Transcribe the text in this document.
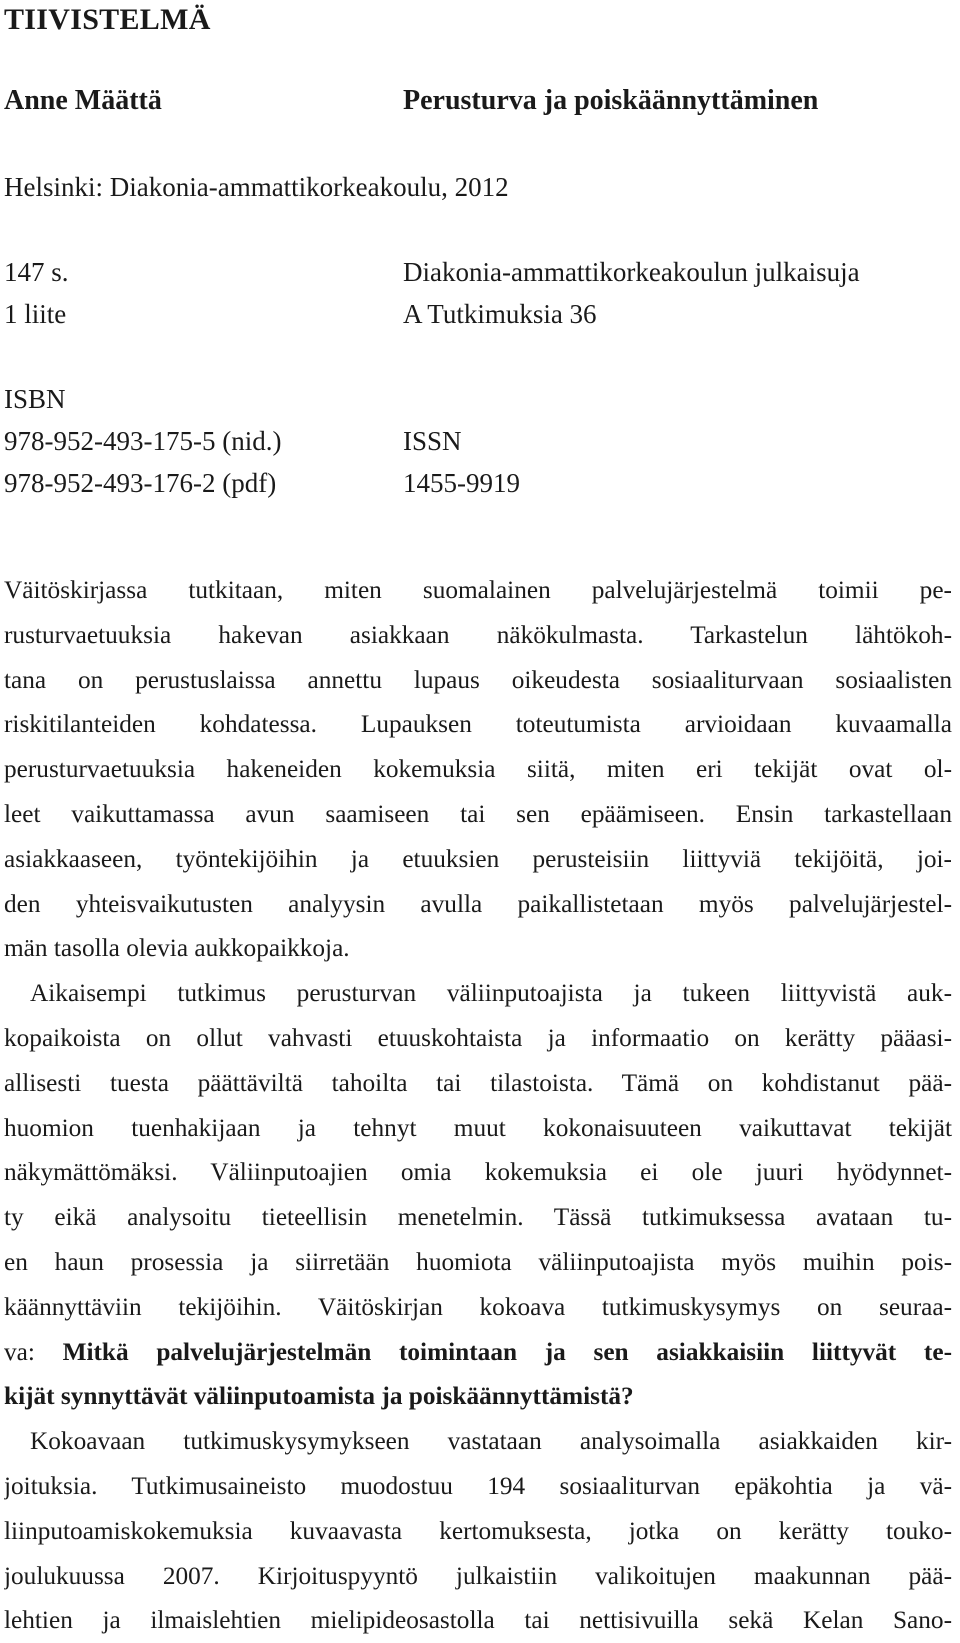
TIIVISTELMÄ
Anne Määttä	Perusturva ja poiskäännyttäminen
Helsinki: Diakonia-ammattikorkeakoulu, 2012
147 s.	Diakonia-ammattikorkeakoulun julkaisuja
1 liite	A Tutkimuksia 36
ISBN
978-952-493-175-5 (nid.)	ISSN
978-952-493-176-2 (pdf)	1455-9919
Väitöskirjassa tutkitaan, miten suomalainen palvelujärjestelmä toimii pe-
rusturvaetuuksia hakevan asiakkaan näkökulmasta. Tarkastelun lähtökoh-
tana on perustuslaissa annettu lupaus oikeudesta sosiaaliturvaan sosiaalisten
riskitilanteiden kohdatessa. Lupauksen toteutumista arvioidaan kuvaamalla
perusturvaetuuksia hakeneiden kokemuksia siitä, miten eri tekijät ovat ol-
leet vaikuttamassa avun saamiseen tai sen epäämiseen. Ensin tarkastellaan
asiakkaaseen, työntekijöihin ja etuuksien perusteisiin liittyviä tekijöitä, joi-
den yhteisvaikutusten analyysin avulla paikallistetaan myös palvelujärjestel-
män tasolla olevia aukkopaikkoja.
Aikaisempi tutkimus perusturvan väliinputoajista ja tukeen liittyvistä auk-
kopaikoista on ollut vahvasti etuuskohtaista ja informaatio on kerätty pääasi-
allisesti tuesta päättäviltä tahoilta tai tilastoista. Tämä on kohdistanut pää-
huomion tuenhakijaan ja tehnyt muut kokonaisuuteen vaikuttavat tekijät
näkymättömäksi. Väliinputoajien omia kokemuksia ei ole juuri hyödynnet-
ty eikä analysoitu tieteellisin menetelmin. Tässä tutkimuksessa avataan tu-
en haun prosessia ja siirretään huomiota väliinputoajista myös muihin pois-
käännyttäviin tekijöihin. Väitöskirjan kokoava tutkimuskysymys on seuraa-
va: Mitkä palvelujärjestelmän toimintaan ja sen asiakkaisiin liittyvät te-
kijät synnyttävät väliinputoamista ja poiskäännyttämistä?
Kokoavaan tutkimuskysymykseen vastataan analysoimalla asiakkaiden kir-
joituksia. Tutkimusaineisto muodostuu 194 sosiaaliturvan epäkohtia ja vä-
liinputoamiskokemuksia kuvaavasta kertomuksesta, jotka on kerätty touko-
joulukuussa 2007. Kirjoituspyyntö julkaistiin valikoitujen maakunnan pää-
lehtien ja ilmaislehtien mielipideosastolla tai nettisivuilla sekä Kelan Sano-
